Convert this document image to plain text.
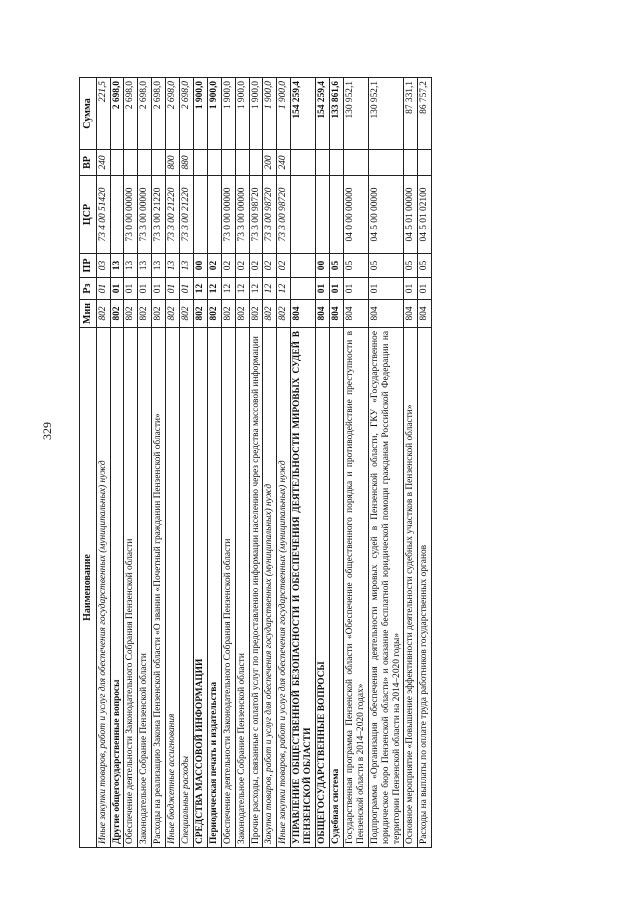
329
Наименование	Мин	Рз	ПР	ЦСР	ВР	Сумма
Иные закупки товаров, работ и услуг для обеспечения государственных (муниципальных) нужд	802	01	03	73 4 00 51420	240	221,5
Другие общегосударственные вопросы	802	01	13			2 698,0
Обеспечение деятельности Законодательного Собрания Пензенской области	802	01	13	73 0 00 00000		2 698,0
Законодательное Собрание Пензенской области	802	01	13	73 3 00 00000		2 698,0
Расходы на реализацию Закона Пензенской области «О звании «Почетный гражданин Пензенской области»	802	01	13	73 3 00 21220		2 698,0
Иные бюджетные ассигнования	802	01	13	73 3 00 21220	800	2 698,0
Специальные расходы	802	01	13	73 3 00 21220	880	2 698,0
СРЕДСТВА МАССОВОЙ ИНФОРМАЦИИ	802	12	00			1 900,0
Периодическая печать и издательства	802	12	02			1 900,0
Обеспечение деятельности Законодательного Собрания Пензенской области	802	12	02	73 0 00 00000		1 900,0
Законодательное Собрание Пензенской области	802	12	02	73 3 00 00000		1 900,0
Прочие расходы, связанные с оплатой услуг по предоставлению информации населению через средства массовой информации	802	12	02	73 3 00 98720		1 900,0
Закупка товаров, работ и услуг для обеспечения государственных (муниципальных) нужд	802	12	02	73 3 00 98720	200	1 900,0
Иные закупки товаров, работ и услуг для обеспечения государственных (муниципальных) нужд	802	12	02	73 3 00 98720	240	1 900,0
УПРАВЛЕНИЕ ОБЩЕСТВЕННОЙ БЕЗОПАСНОСТИ И ОБЕСПЕЧЕНИЯ ДЕЯТЕЛЬНОСТИ МИРОВЫХ СУДЕЙ В ПЕНЗЕНСКОЙ ОБЛАСТИ	804					154 259,4
ОБЩЕГОСУДАРСТВЕННЫЕ ВОПРОСЫ	804	01	00			154 259,4
Судебная система	804	01	05			133 861,6
Государственная программа Пензенской области «Обеспечение общественного порядка и противодействие преступности в Пензенской области в 2014–2020 годах»	804	01	05	04 0 00 00000		130 952,1
Подпрограмма «Организация обеспечения деятельности мировых судей в Пензенской области, ГКУ «Государственное юридическое бюро Пензенской области» и оказание бесплатной юридической помощи гражданам Российской Федерации на территории Пензенской области на 2014–2020 годы»	804	01	05	04 5 00 00000		130 952,1
Основное мероприятие «Повышение эффективности деятельности судебных участков в Пензенской области»	804	01	05	04 5 01 00000		87 331,1
Расходы на выплаты по оплате труда работников государственных органов	804	01	05	04 5 01 02100		86 757,2
